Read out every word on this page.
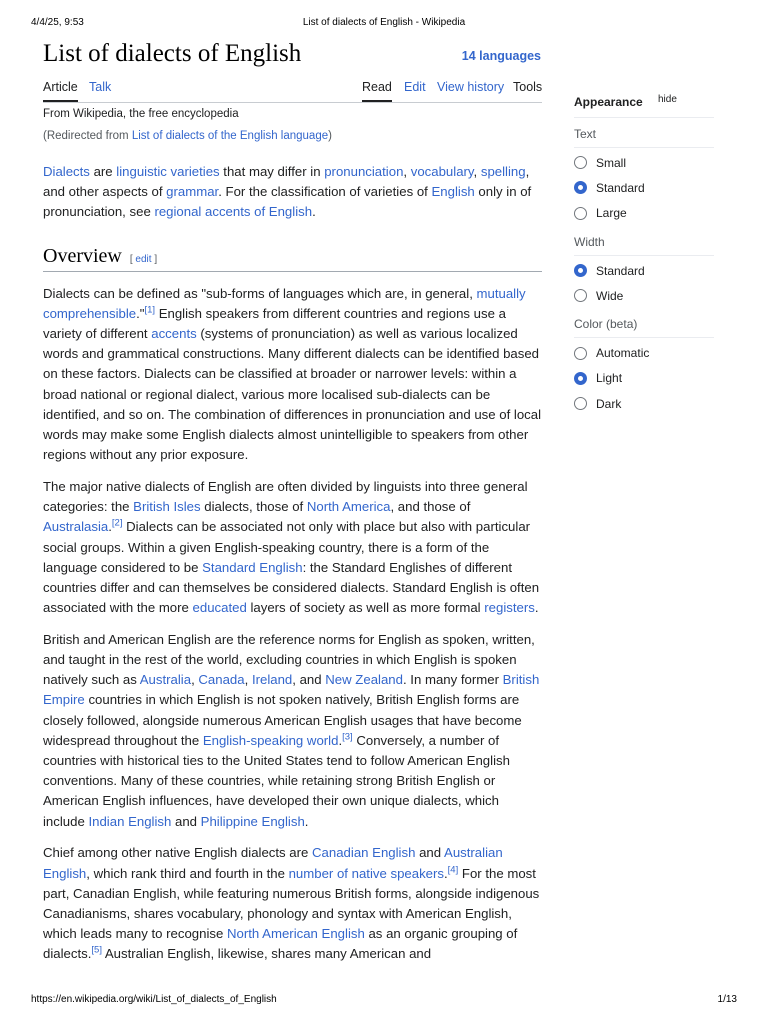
4/4/25, 9:53	List of dialects of English - Wikipedia
List of dialects of English	14 languages
Article Talk	Read Edit View history Tools
From Wikipedia, the free encyclopedia
(Redirected from List of dialects of the English language)

Dialects are linguistic varieties that may differ in pronunciation, vocabulary, spelling, and other aspects of grammar. For the classification of varieties of English only in of pronunciation, see regional accents of English.

Overview [ edit ]

Dialects can be defined as "sub-forms of languages which are, in general, mutually comprehensible."[1] English speakers from different countries and regions use a variety of different accents (systems of pronunciation) as well as various localized words and grammatical constructions. Many different dialects can be identified based on these factors. Dialects can be classified at broader or narrower levels: within a broad national or regional dialect, various more localised sub-dialects can be identified, and so on. The combination of differences in pronunciation and use of local words may make some English dialects almost unintelligible to speakers from other regions without any prior exposure.

The major native dialects of English are often divided by linguists into three general categories: the British Isles dialects, those of North America, and those of Australasia.[2] Dialects can be associated not only with place but also with particular social groups. Within a given English-speaking country, there is a form of the language considered to be Standard English: the Standard Englishes of different countries differ and can themselves be considered dialects. Standard English is often associated with the more educated layers of society as well as more formal registers.

British and American English are the reference norms for English as spoken, written, and taught in the rest of the world, excluding countries in which English is spoken natively such as Australia, Canada, Ireland, and New Zealand. In many former British Empire countries in which English is not spoken natively, British English forms are closely followed, alongside numerous American English usages that have become widespread throughout the English-speaking world.[3] Conversely, a number of countries with historical ties to the United States tend to follow American English conventions. Many of these countries, while retaining strong British English or American English influences, have developed their own unique dialects, which include Indian English and Philippine English.

Chief among other native English dialects are Canadian English and Australian English, which rank third and fourth in the number of native speakers.[4] For the most part, Canadian English, while featuring numerous British forms, alongside indigenous Canadianisms, shares vocabulary, phonology and syntax with American English, which leads many to recognise North American English as an organic grouping of dialects.[5] Australian English, likewise, shares many American and

Appearance hide
Text
Small
Standard
Large
Width
Standard
Wide
Color (beta)
Automatic
Light
Dark
https://en.wikipedia.org/wiki/List_of_dialects_of_English	1/13
